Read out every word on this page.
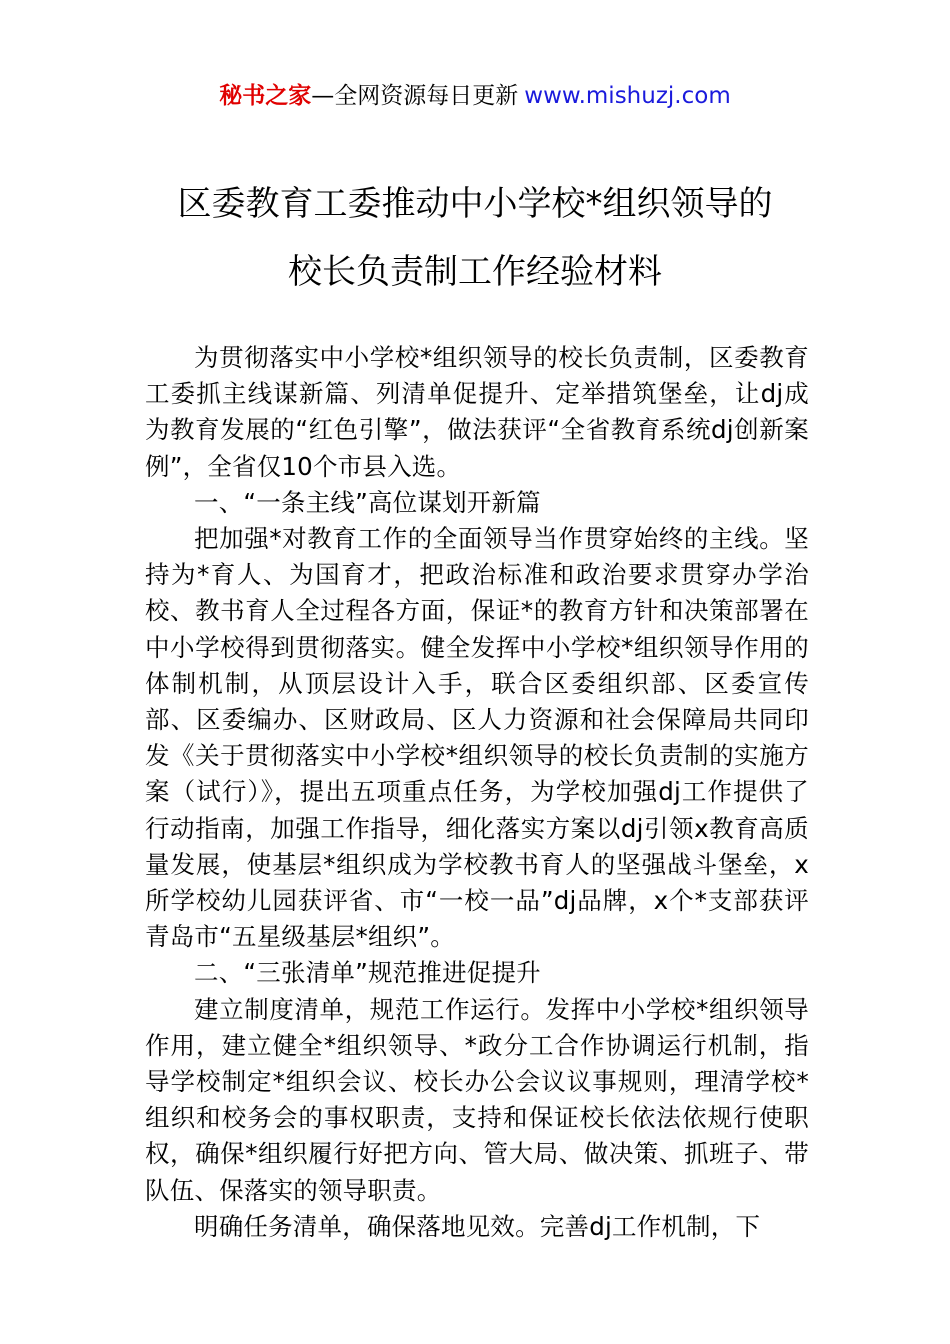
秘书之家—全网资源每日更新 www.mishuzj.com
区委教育工委推动中小学校*组织领导的
校长负责制工作经验材料

为贯彻落实中小学校*组织领导的校长负责制，区委教育工委抓主线谋新篇、列清单促提升、定举措筑堡垒，让dj成为教育发展的“红色引擎”，做法获评“全省教育系统dj创新案例”，全省仅10个市县入选。

一、“一条主线”高位谋划开新篇

把加强*对教育工作的全面领导当作贯穿始终的主线。坚持为*育人、为国育才，把政治标准和政治要求贯穿办学治校、教书育人全过程各方面，保证*的教育方针和决策部署在中小学校得到贯彻落实。健全发挥中小学校*组织领导作用的体制机制，从顶层设计入手，联合区委组织部、区委宣传部、区委编办、区财政局、区人力资源和社会保障局共同印发《关于贯彻落实中小学校*组织领导的校长负责制的实施方案（试行）》，提出五项重点任务，为学校加强dj工作提供了行动指南，加强工作指导，细化落实方案以dj引领x教育高质量发展，使基层*组织成为学校教书育人的坚强战斗堡垒，x所学校幼儿园获评省、市“一校一品”dj品牌，x个*支部获评青岛市“五星级基层*组织”。

二、“三张清单”规范推进促提升

建立制度清单，规范工作运行。发挥中小学校*组织领导作用，建立健全*组织领导、*政分工合作协调运行机制，指导学校制定*组织会议、校长办公会议议事规则，理清学校*组织和校务会的事权职责，支持和保证校长依法依规行使职权，确保*组织履行好把方向、管大局、做决策、抓班子、带队伍、保落实的领导职责。

明确任务清单，确保落地见效。完善dj工作机制，下
